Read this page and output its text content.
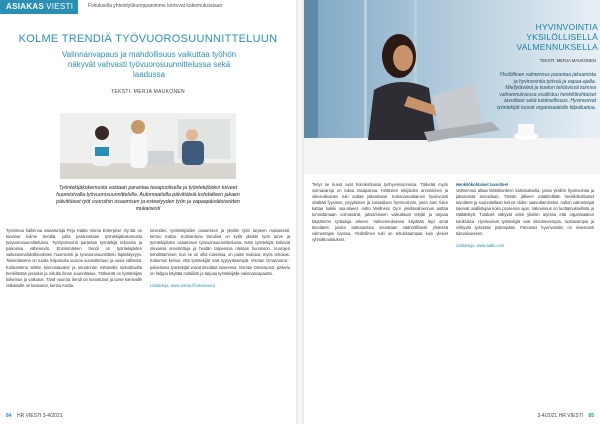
ASIAKAS VIESTI	Fokuksella yhteistyökumppanimme kertovat kokemuksistaan
KOLME TRENDIÄ TYÖVUOROSUUNNITTELUUN
Valinnanvapaus ja mahdollisuus vaikuttaa työhön näkyvät vahvasti työvuorosuunnittelussa sekä laadussa
TEKSTI: MERJA MAUKONEN
Työntekijäkokemusta voidaan parantaa tasapuolisella ja työntekijöiden toiveet huomioivalla työvuorosuunnittelulla. Automaatiolla päivittäisiä kohdalleen jakaen päivittäiset työt vuoroihin osaamisen ja esteetyyden työn ja vapaapäivätoiveiden mukaisesti

Työnimoa hallinnoa asiantuntija Pirjo Kattia Visma Enterprise Oy:stä on kuvanut kolme trendiä, joilla parannetaan työntekijäkokemusta työvuorosuunnittelussa. Työhyvinvointi parantaa työntekijä tekoosta ja paikoissa vähenevät. Ensimmäinen trendi on työntekijöiden vaikutusmahdollisuuksien huomiointi ja työvuorosuunnittelu läpinäkyvyys. Toisenlaisena on tuoda helpotusta vuoroa suunnitteluun ja uusia välineitä. Kolmantena tehtiin kiinnostavaksi ja seurannan mittareilla tarkoittavilta henkilöstöä jossakin ja reilulta ilman suunnittelua. Tärkeintä on työntekijän kokemus ja vaikutus. Tänä vuonna trendi on korostunut ja tarve toimivalle ratkaisulle on kasvanut, kertoo Kattia.

toiveiden, työntekijöiden osaamisen ja yksilön työn tarpeen mukaisesti, kertoo Kattia. Kolmantena trendinä on kyllä yksilön työn tarve ja työntekijöiden osaamisen työvuorosuunnittelussa. Näin työntekijät kokevat olevansa arvostettuja ja heidän tarpeensa otetaan huomioon. Vuorojen kohdistaminen, kun se on ollut toiveissa, on paitsi mukava, myös tehokas. Kokemus kertoo, että työntekijät ovat tyytyväisempiä. Visman OmaVuorot -palvelussa työntekijät voivat ilmoittaa toiveensa. Visman OmaVuorot -palvelu on helppo käyttää mobiilisti ja tarjoaa työntekijälle valinnanvapautta.

Lisätietoja: www.visma.fi/omavuorot

84 HR VIESTI 3-4/2021
HYVINVOINTIA YKSILÖLLISELLÄ VALMENNUKSELLA
TEKSTI: MERJA MAUKONEN
Yksilöllinen valmennus parantaa jaksamista ja hyvinvointia työssä ja vapaa-ajalla. Miellytävänä ja koetun tehtävissä toimiva valmennuksessa osallistuu henkilökohtaiset tavoitteet sekä tuloksellisuus. Hyvinvoivat työntekijät tuovat organisaatiolle kilpailuetua.

Tietyt se kuvat ovat hoitokohtaisia työhyvinvoinnissa. Tärkeää myös voimavaroja on tukea tasapainoa. Kriittisten tekijöiden arvioiminen ja oikea-aikainen tuki auttaa jaksamaan. Kokonaisvaltainen hyvinvointi sisältää fyysisen, psyykkisen ja sosiaalisen hyvinvoinnin, joten tuen tulee kattaa kaikki osa-alueet. Aalto Wellness Oy:n yksilövalmennus auttaa tunnistamaan voimavarat, jaksamiseen vaikuttavat tekijät ja tarjoaa käytännön työkaluja arkeen. Valmennuksessa käydään läpi omat tavoitteet, joiden toteutumista seurataan säännöllisesti yhdessä valmentajan kanssa. Yksilöllinen tuki on tehokkaampaa kuin yleiset ryhmäkoulutukset.

Henkilökohtaiset tavoitteet

Valmennus alkaa lähtötilanteen kartoituksella, jossa yksilön hyvinvointia ja jaksamista arvioidaan. Tämän jälkeen määritellään henkilökohtaiset tavoitteet ja suunnitellaan keinot niiden saavuttamiseksi. Aallon valmentajat tukevat osallistujaa koko prosessin ajan. Valmennus on luottamuksellista ja räätälöityä. Tulokset näkyvät sekä yksilön arjessa että organisaation tuloksissa. Hyvinvoivat työntekijät ovat sitoutuneempia, tuottavampia ja viihtyvät työssään pidempään. Panostus hyvinvointiin on investointi tulevaisuuteen.

Lisätietoja: www.aalto.com

3-4/2021 HR VIESTI 85
